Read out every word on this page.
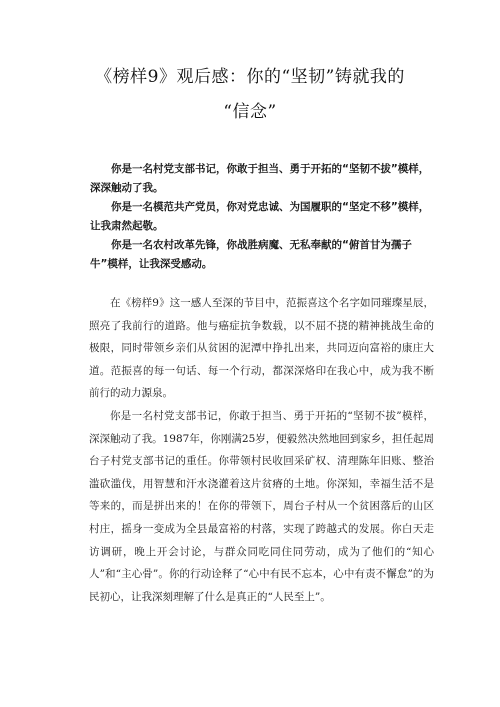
《榜样9》观后感：你的“坚韧”铸就我的
“信念”

你是一名村党支部书记，你敢于担当、勇于开拓的“坚韧不拔”模样，深深触动了我。

你是一名模范共产党员，你对党忠诚、为国履职的“坚定不移”模样，让我肃然起敬。

你是一名农村改革先锋，你战胜病魔、无私奉献的“俯首甘为孺子牛”模样，让我深受感动。

在《榜样9》这一感人至深的节目中，范振喜这个名字如同璀璨星辰，照亮了我前行的道路。他与癌症抗争数载，以不屈不挠的精神挑战生命的极限，同时带领乡亲们从贫困的泥潭中挣扎出来，共同迈向富裕的康庄大道。范振喜的每一句话、每一个行动，都深深烙印在我心中，成为我不断前行的动力源泉。

你是一名村党支部书记，你敢于担当、勇于开拓的“坚韧不拔”模样，深深触动了我。1987年，你刚满25岁，便毅然决然地回到家乡，担任起周台子村党支部书记的重任。你带领村民收回采矿权、清理陈年旧账、整治滥砍滥伐，用智慧和汗水浇灌着这片贫瘠的土地。你深知，幸福生活不是等来的，而是拼出来的！在你的带领下，周台子村从一个贫困落后的山区村庄，摇身一变成为全县最富裕的村落，实现了跨越式的发展。你白天走访调研，晚上开会讨论，与群众同吃同住同劳动，成为了他们的“知心人”和“主心骨”。你的行动诠释了“心中有民不忘本，心中有责不懈怠”的为民初心，让我深刻理解了什么是真正的“人民至上”。
